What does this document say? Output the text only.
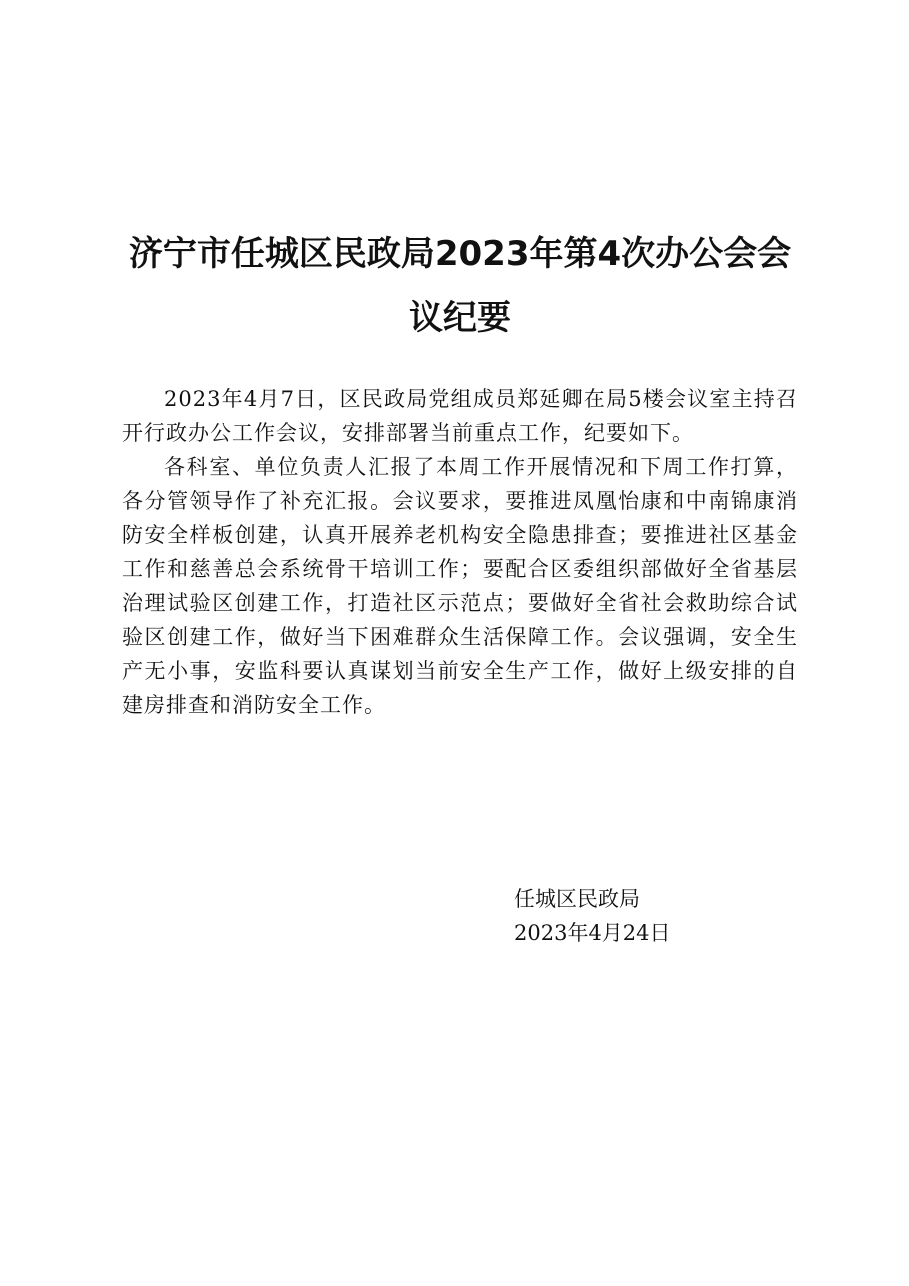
济宁市任城区民政局2023年第4次办公会会
议纪要

2023年4月7日，区民政局党组成员郑延卿在局5楼会议室主持召开行政办公工作会议，安排部署当前重点工作，纪要如下。

各科室、单位负责人汇报了本周工作开展情况和下周工作打算，各分管领导作了补充汇报。会议要求，要推进凤凰怡康和中南锦康消防安全样板创建，认真开展养老机构安全隐患排查；要推进社区基金工作和慈善总会系统骨干培训工作；要配合区委组织部做好全省基层治理试验区创建工作，打造社区示范点；要做好全省社会救助综合试验区创建工作，做好当下困难群众生活保障工作。会议强调，安全生产无小事，安监科要认真谋划当前安全生产工作，做好上级安排的自建房排查和消防安全工作。

任城区民政局
2023年4月24日
